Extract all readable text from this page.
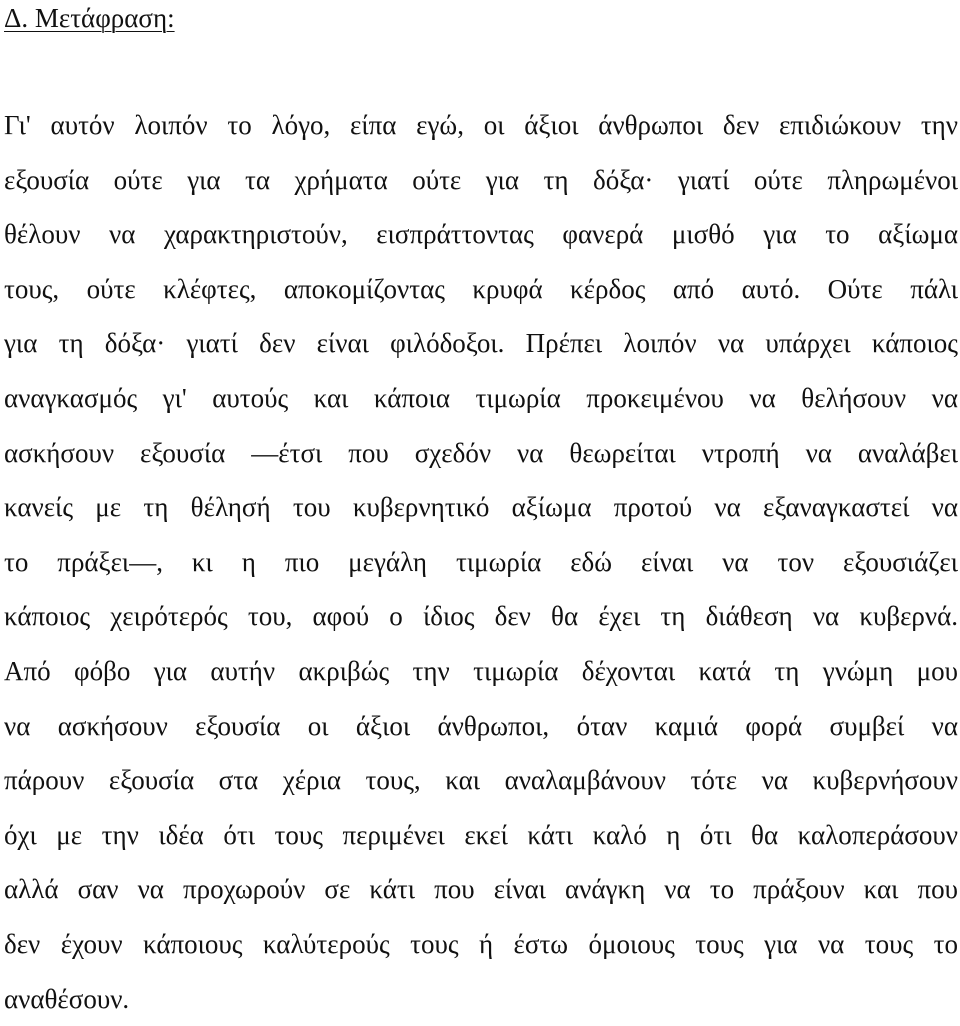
Δ. Μετάφραση:
Γι' αυτόν λοιπόν το λόγο, είπα εγώ, οι άξιοι άνθρωποι δεν επιδιώκουν την
εξουσία ούτε για τα χρήματα ούτε για τη δόξα· γιατί ούτε πληρωμένοι
θέλουν να χαρακτηριστούν, εισπράττοντας φανερά μισθό για το αξίωμα
τους, ούτε κλέφτες, αποκομίζοντας κρυφά κέρδος από αυτό. Ούτε πάλι
για τη δόξα· γιατί δεν είναι φιλόδοξοι. Πρέπει λοιπόν να υπάρχει κάποιος
αναγκασμός γι' αυτούς και κάποια τιμωρία προκειμένου να θελήσουν να
ασκήσουν εξουσία —έτσι που σχεδόν να θεωρείται ντροπή να αναλάβει
κανείς με τη θέλησή του κυβερνητικό αξίωμα προτού να εξαναγκαστεί να
το πράξει—, κι η πιο μεγάλη τιμωρία εδώ είναι να τον εξουσιάζει
κάποιος χειρότερός του, αφού ο ίδιος δεν θα έχει τη διάθεση να κυβερνά.
Από φόβο για αυτήν ακριβώς την τιμωρία δέχονται κατά τη γνώμη μου
να ασκήσουν εξουσία οι άξιοι άνθρωποι, όταν καμιά φορά συμβεί να
πάρουν εξουσία στα χέρια τους, και αναλαμβάνουν τότε να κυβερνήσουν
όχι με την ιδέα ότι τους περιμένει εκεί κάτι καλό η ότι θα καλοπεράσουν
αλλά σαν να προχωρούν σε κάτι που είναι ανάγκη να το πράξουν και που
δεν έχουν κάποιους καλύτερούς τους ή έστω όμοιους τους για να τους το
αναθέσουν.
